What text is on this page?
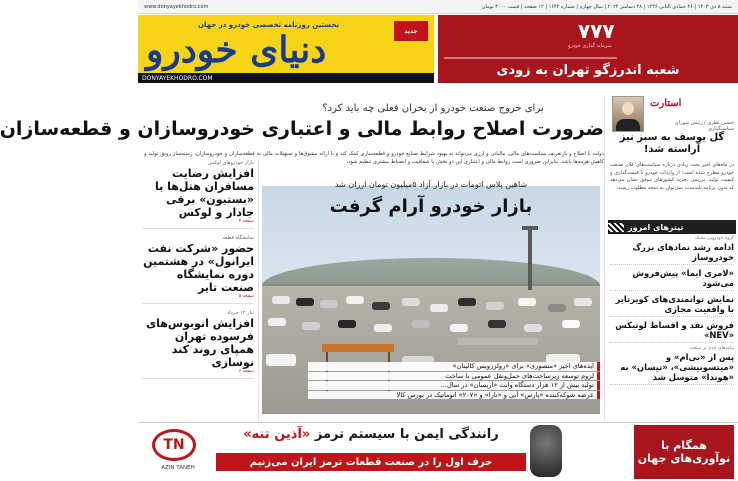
شنبه ۸ دی ۱۴۰۳ | ۲۶ جمادی الثانی ۱۴۴۶ | ۲۸ دسامبر ۲۰۲۴ | سال چهارم | شماره ۱۶۴۲ | ۱۲ صفحه | قیمت ۳۰۰۰ تومان
www.donyayekhodro.com
نخستین روزنامه تخصصی خودرو در جهان
دنیای خودرو	جدید
DONYAYEKHODRO.COM
۷۷۷
سرمایه گذاری خودرو
شعبه اندرزگو تهران به زودی
برای خروج صنعت خودرو از بحران فعلی چه باید کرد؟
ضرورت اصلاح روابط مالی و اعتباری خودروسازان و قطعه‌سازان
دولت با اصلاح و بازتعریف سیاست‌های مالی، مالیاتی و ارزی می‌تواند به بهبود شرایط صنایع خودرو و قطعه‌سازی کمک کند و با ارائه مشوق‌ها و تسهیلات مالی به قطعه‌سازان و خودروسازان، زمینه‌ساز رونق تولید و کاهش هزینه‌ها باشد. بنابراین ضروری است روابط مالی و اعتباری این دو بخش با شفافیت و انضباط بیشتری تنظیم شود.
استارت
حسین نظری / رئیس شورای سیاستگذاری
گل یوسف به سبز نیز آراسته شد!
در ماه‌های اخیر بحث زیادی درباره سیاست‌های کلان صنعت خودرو مطرح شده است؛ از واردات خودرو تا قیمت‌گذاری و کیفیت تولید. بررسی تجربه کشورهای موفق نشان می‌دهد که بدون برنامه بلندمدت نمی‌توان به نتیجه مطلوب رسید.
تیترهای امروز
گروه خودرویی مجیک
ادامه رشد نمادهای بزرگ خودروساز
«لامری ایما» پیش‌فروش می‌شود
نمایش توانمندی‌های کویرتایر با واقعیت مجازی
فروش نقد و اقساط لوتیکس «NEV»
پیامدهای جدی بر صنعت
پس از «بی‌ام» و «میتسوبیشی»، «نیسان» به «هوندا» متوسل شد
بازار خودروهای لوکس
افزایش رضایت مسافران هتل‌ها با «بستیون» برقی جادار و لوکس
صفحه ۴
نمایشگاه قطعه
حضور «شرکت نفت ایرانول» در هشتمین دوره نمایشگاه صنعت تایر
صفحه ۵
تبار ۱۲ خرداد
افزایش اتوبوس‌های فرسوده تهران همپای روند کند نوسازی
صفحه ۶
شاهین پلاس اتومات در بازار آزاد ۵میلیون تومان ارزان شد
بازار خودرو آرام گرفت
ایده‌های اخیر «منصوری» برای «رولزرویس کالینان»
لزوم توسعه زیرساخت‌های حمل‌ونقل عمومی با ساخت
تولید بیش از ۱۲ هزار دستگاه وانت «آریسان» در سال...
عرضه شوکه‌کننده «پارس» آبی و «تارا» و «۲۰۷» اتوماتیک در بورس کالا
TN
AZIN TANEH
رانندگی ایمن با سیستم ترمز «آذین تنه»
حرف اول را در صنعت قطعات ترمز ایران می‌زنیم
همگام با نوآوری‌های جهان
